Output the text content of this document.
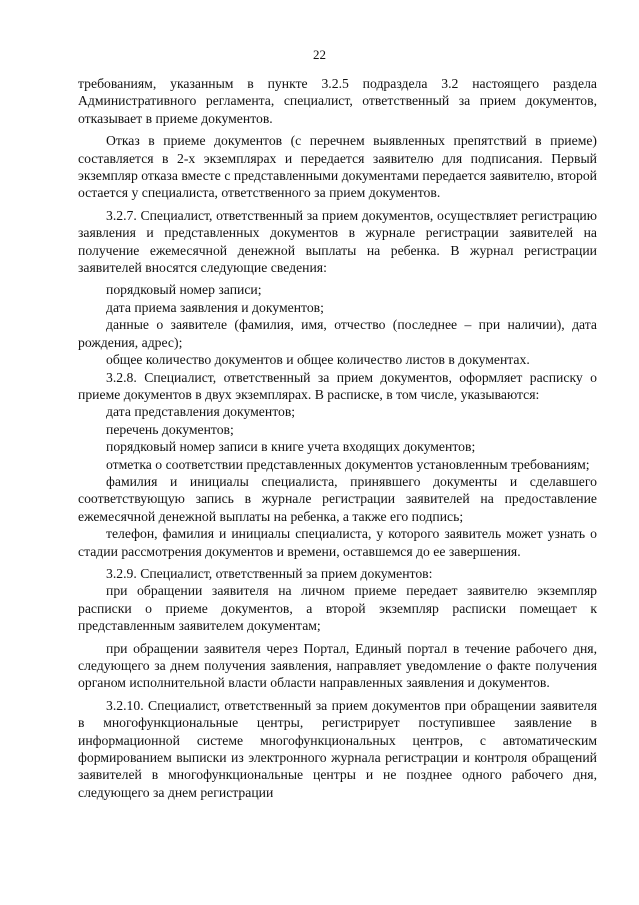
22

требованиям, указанным в пункте 3.2.5 подраздела 3.2 настоящего раздела Административного регламента, специалист, ответственный за прием документов, отказывает в приеме документов.

Отказ в приеме документов (с перечнем выявленных препятствий в приеме) составляется в 2-х экземплярах и передается заявителю для подписания. Первый экземпляр отказа вместе с представленными документами передается заявителю, второй остается у специалиста, ответственного за прием документов.

3.2.7. Специалист, ответственный за прием документов, осуществляет регистрацию заявления и представленных документов в журнале регистрации заявителей на получение ежемесячной денежной выплаты на ребенка. В журнал регистрации заявителей вносятся следующие сведения:

порядковый номер записи;

дата приема заявления и документов;

данные о заявителе (фамилия, имя, отчество (последнее – при наличии), дата рождения, адрес);

общее количество документов и общее количество листов в документах.

3.2.8. Специалист, ответственный за прием документов, оформляет расписку о приеме документов в двух экземплярах. В расписке, в том числе, указываются:

дата представления документов;

перечень документов;

порядковый номер записи в книге учета входящих документов;

отметка о соответствии представленных документов установленным требованиям;

фамилия и инициалы специалиста, принявшего документы и сделавшего соответствующую запись в журнале регистрации заявителей на предоставление ежемесячной денежной выплаты на ребенка, а также его подпись;

телефон, фамилия и инициалы специалиста, у которого заявитель может узнать о стадии рассмотрения документов и времени, оставшемся до ее завершения.

3.2.9. Специалист, ответственный за прием документов:

при обращении заявителя на личном приеме передает заявителю экземпляр расписки о приеме документов, а второй экземпляр расписки помещает к представленным заявителем документам;

при обращении заявителя через Портал, Единый портал в течение рабочего дня, следующего за днем получения заявления, направляет уведомление о факте получения органом исполнительной власти области направленных заявления и документов.

3.2.10. Специалист, ответственный за прием документов при обращении заявителя в многофункциональные центры, регистрирует поступившее заявление в информационной системе многофункциональных центров, с автоматическим формированием выписки из электронного журнала регистрации и контроля обращений заявителей в многофункциональные центры и не позднее одного рабочего дня, следующего за днем регистрации
